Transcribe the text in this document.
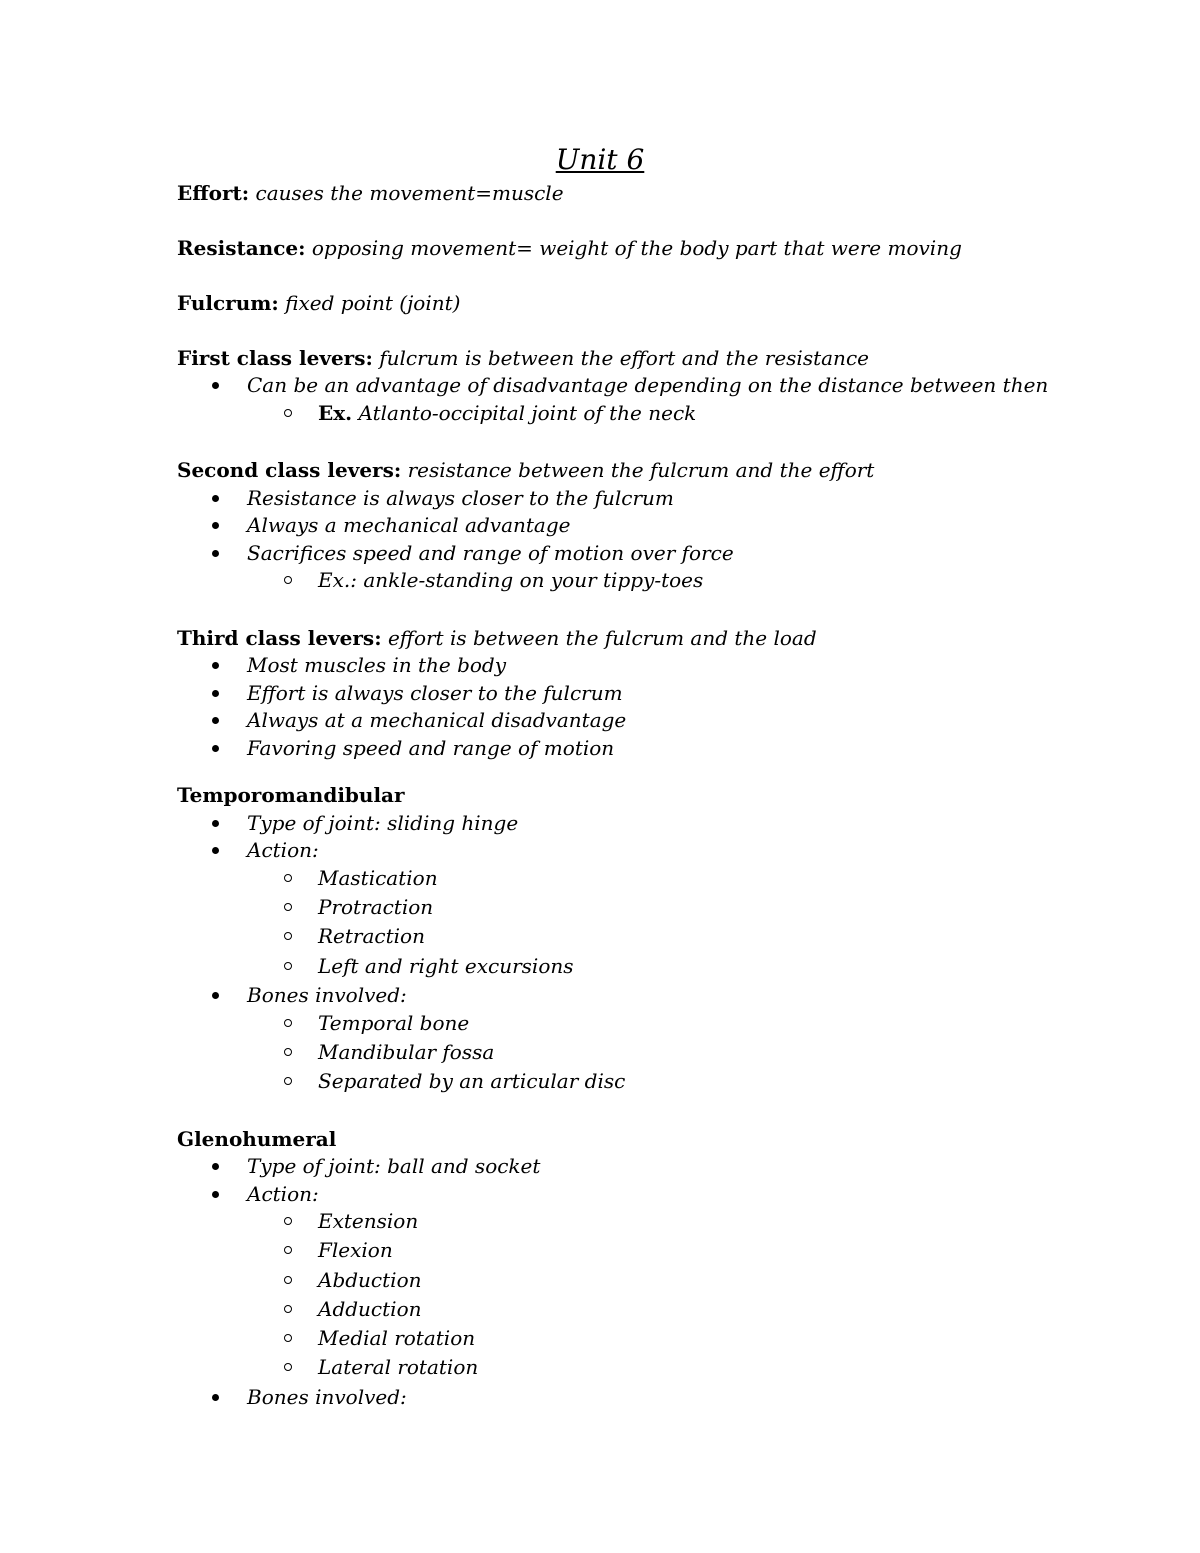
Unit 6
Effort: causes the movement=muscle
Resistance: opposing movement= weight of the body part that were moving
Fulcrum: fixed point (joint)
First class levers: fulcrum is between the effort and the resistance
Can be an advantage of disadvantage depending on the distance between then
Ex. Atlanto-occipital joint of the neck
Second class levers: resistance between the fulcrum and the effort
Resistance is always closer to the fulcrum
Always a mechanical advantage
Sacrifices speed and range of motion over force
Ex.: ankle-standing on your tippy-toes
Third class levers: effort is between the fulcrum and the load
Most muscles in the body
Effort is always closer to the fulcrum
Always at a mechanical disadvantage
Favoring speed and range of motion
Temporomandibular
Type of joint: sliding hinge
Action:
Mastication
Protraction
Retraction
Left and right excursions
Bones involved:
Temporal bone
Mandibular fossa
Separated by an articular disc
Glenohumeral
Type of joint: ball and socket
Action:
Extension
Flexion
Abduction
Adduction
Medial rotation
Lateral rotation
Bones involved:
